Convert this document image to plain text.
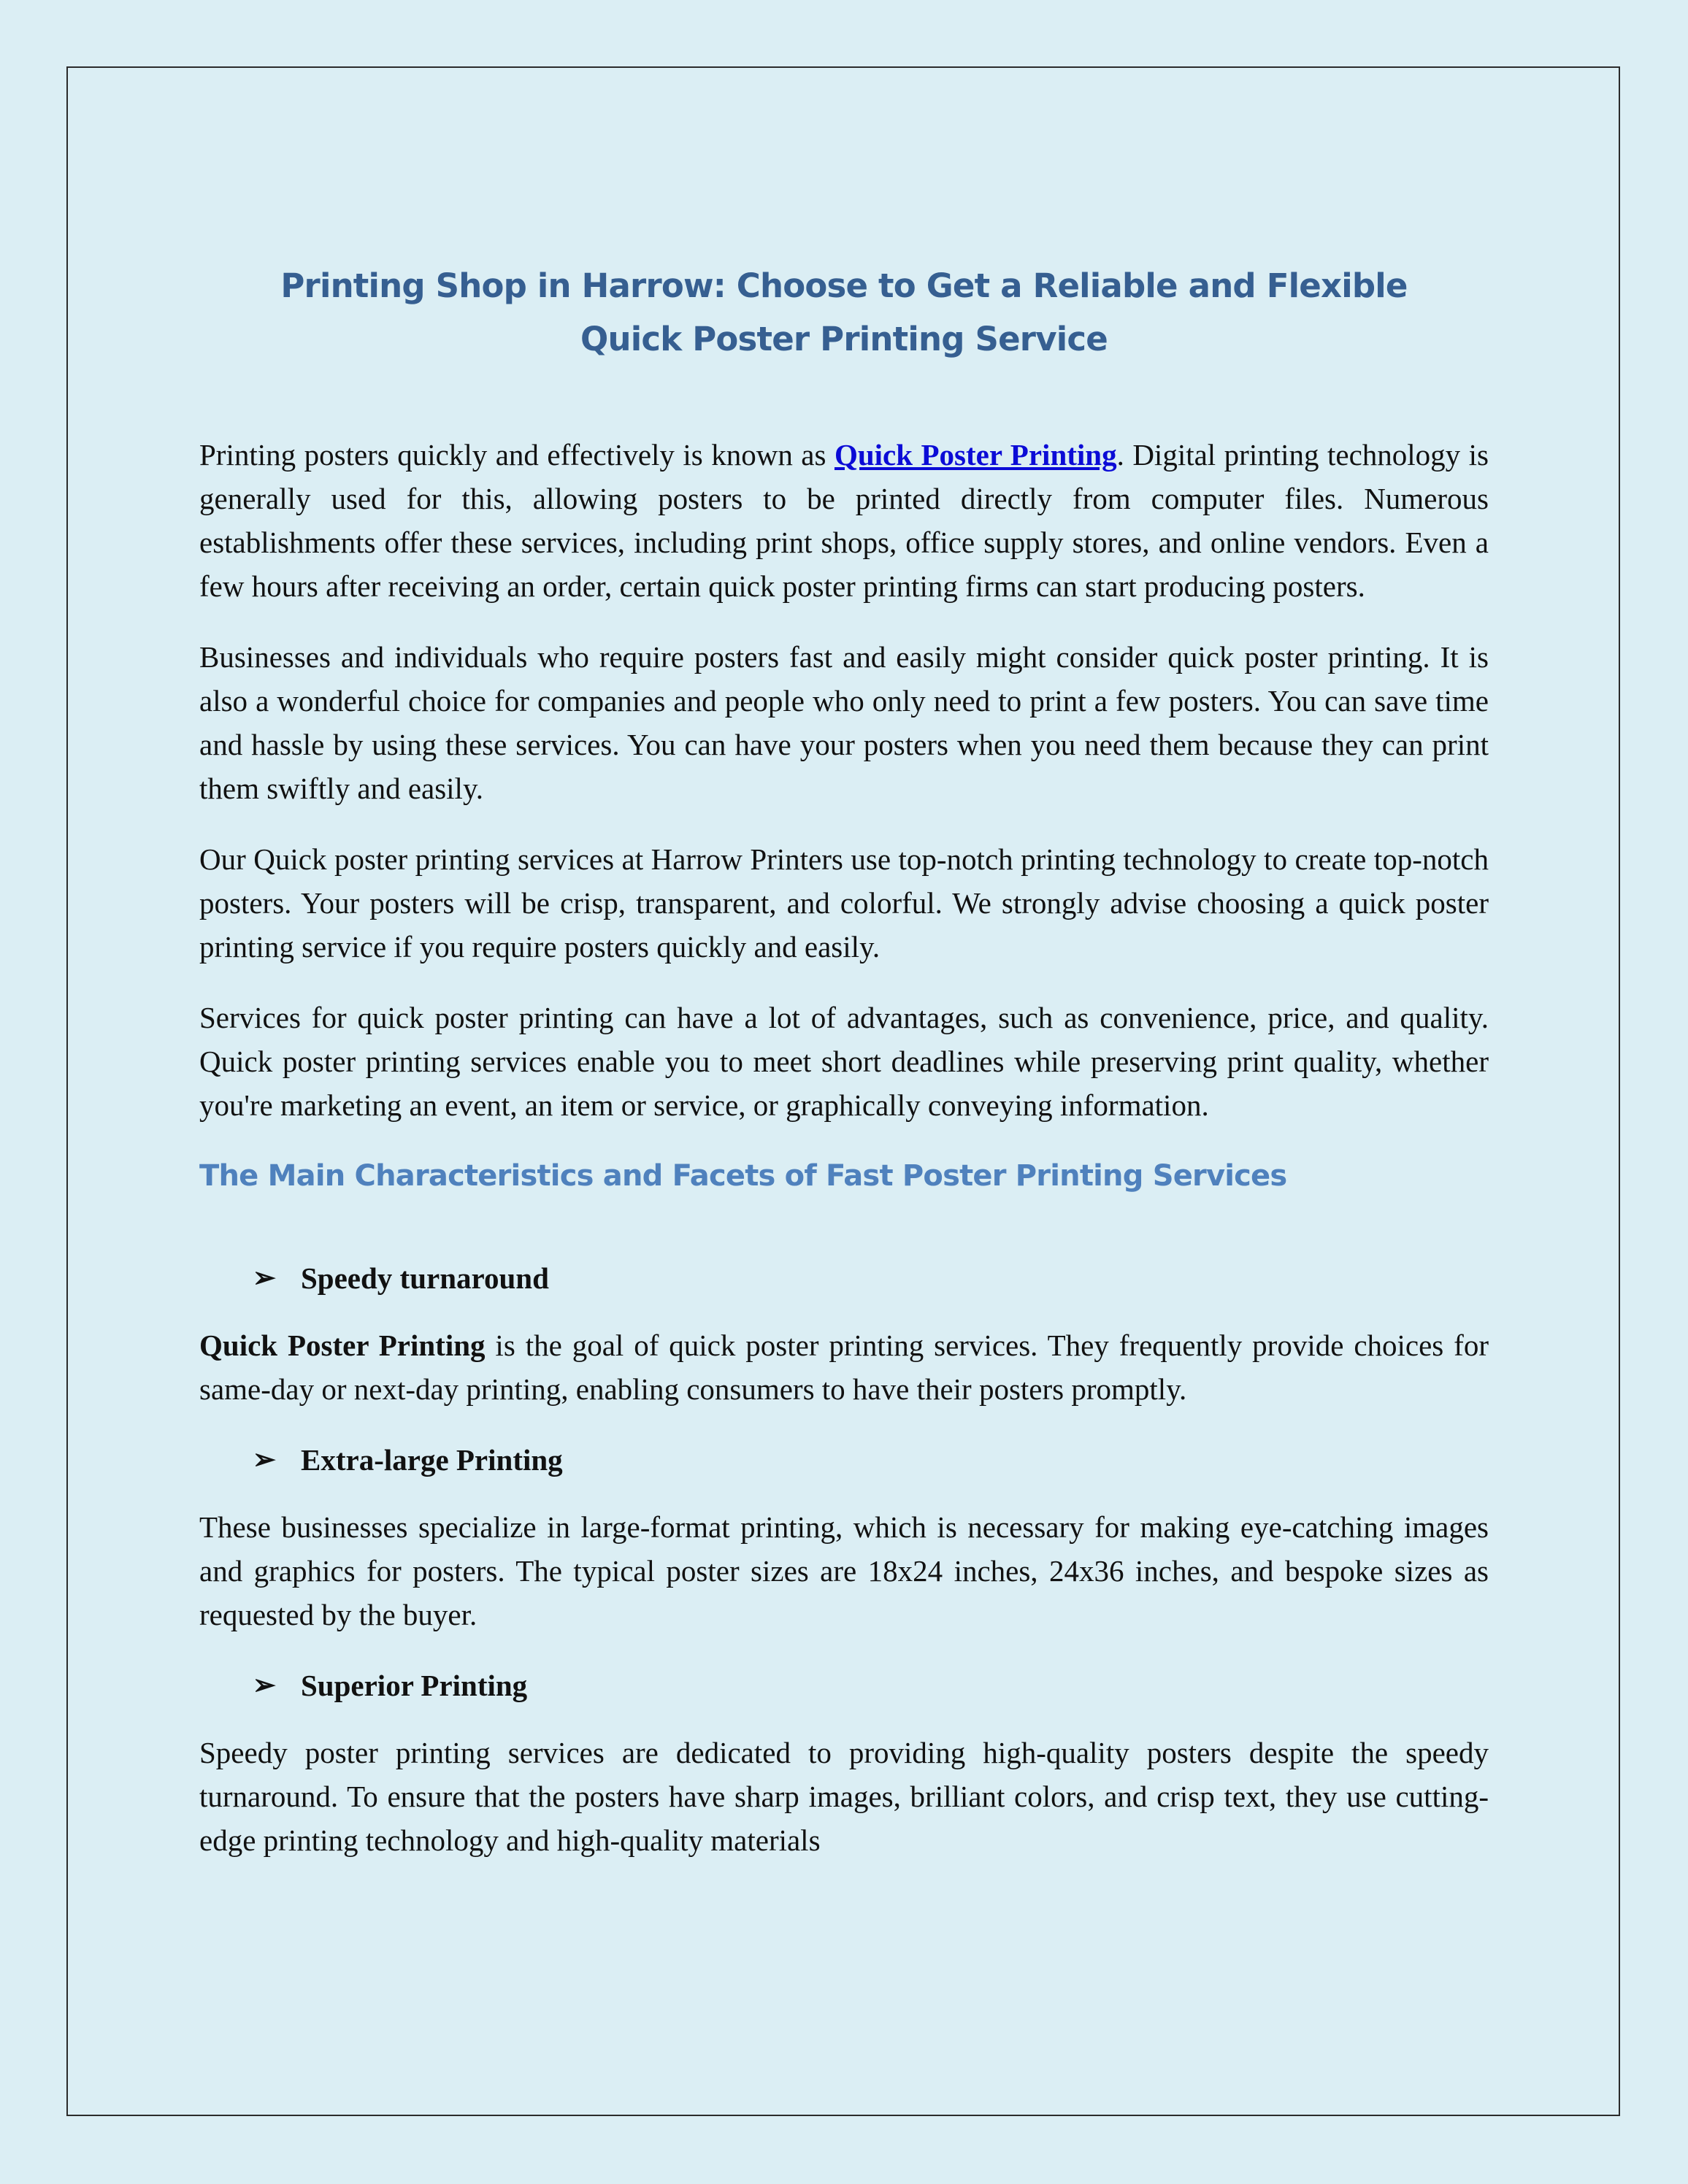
Printing Shop in Harrow: Choose to Get a Reliable and Flexible Quick Poster Printing Service

Printing posters quickly and effectively is known as Quick Poster Printing. Digital printing technology is generally used for this, allowing posters to be printed directly from computer files. Numerous establishments offer these services, including print shops, office supply stores, and online vendors. Even a few hours after receiving an order, certain quick poster printing firms can start producing posters.

Businesses and individuals who require posters fast and easily might consider quick poster printing. It is also a wonderful choice for companies and people who only need to print a few posters. You can save time and hassle by using these services. You can have your posters when you need them because they can print them swiftly and easily.

Our Quick poster printing services at Harrow Printers use top-notch printing technology to create top-notch posters. Your posters will be crisp, transparent, and colorful. We strongly advise choosing a quick poster printing service if you require posters quickly and easily.

Services for quick poster printing can have a lot of advantages, such as convenience, price, and quality. Quick poster printing services enable you to meet short deadlines while preserving print quality, whether you're marketing an event, an item or service, or graphically conveying information.

The Main Characteristics and Facets of Fast Poster Printing Services
➢ Speedy turnaround

Quick Poster Printing is the goal of quick poster printing services. They frequently provide choices for same-day or next-day printing, enabling consumers to have their posters promptly.

➢ Extra-large Printing

These businesses specialize in large-format printing, which is necessary for making eye-catching images and graphics for posters. The typical poster sizes are 18x24 inches, 24x36 inches, and bespoke sizes as requested by the buyer.

➢ Superior Printing

Speedy poster printing services are dedicated to providing high-quality posters despite the speedy turnaround. To ensure that the posters have sharp images, brilliant colors, and crisp text, they use cutting-edge printing technology and high-quality materials
